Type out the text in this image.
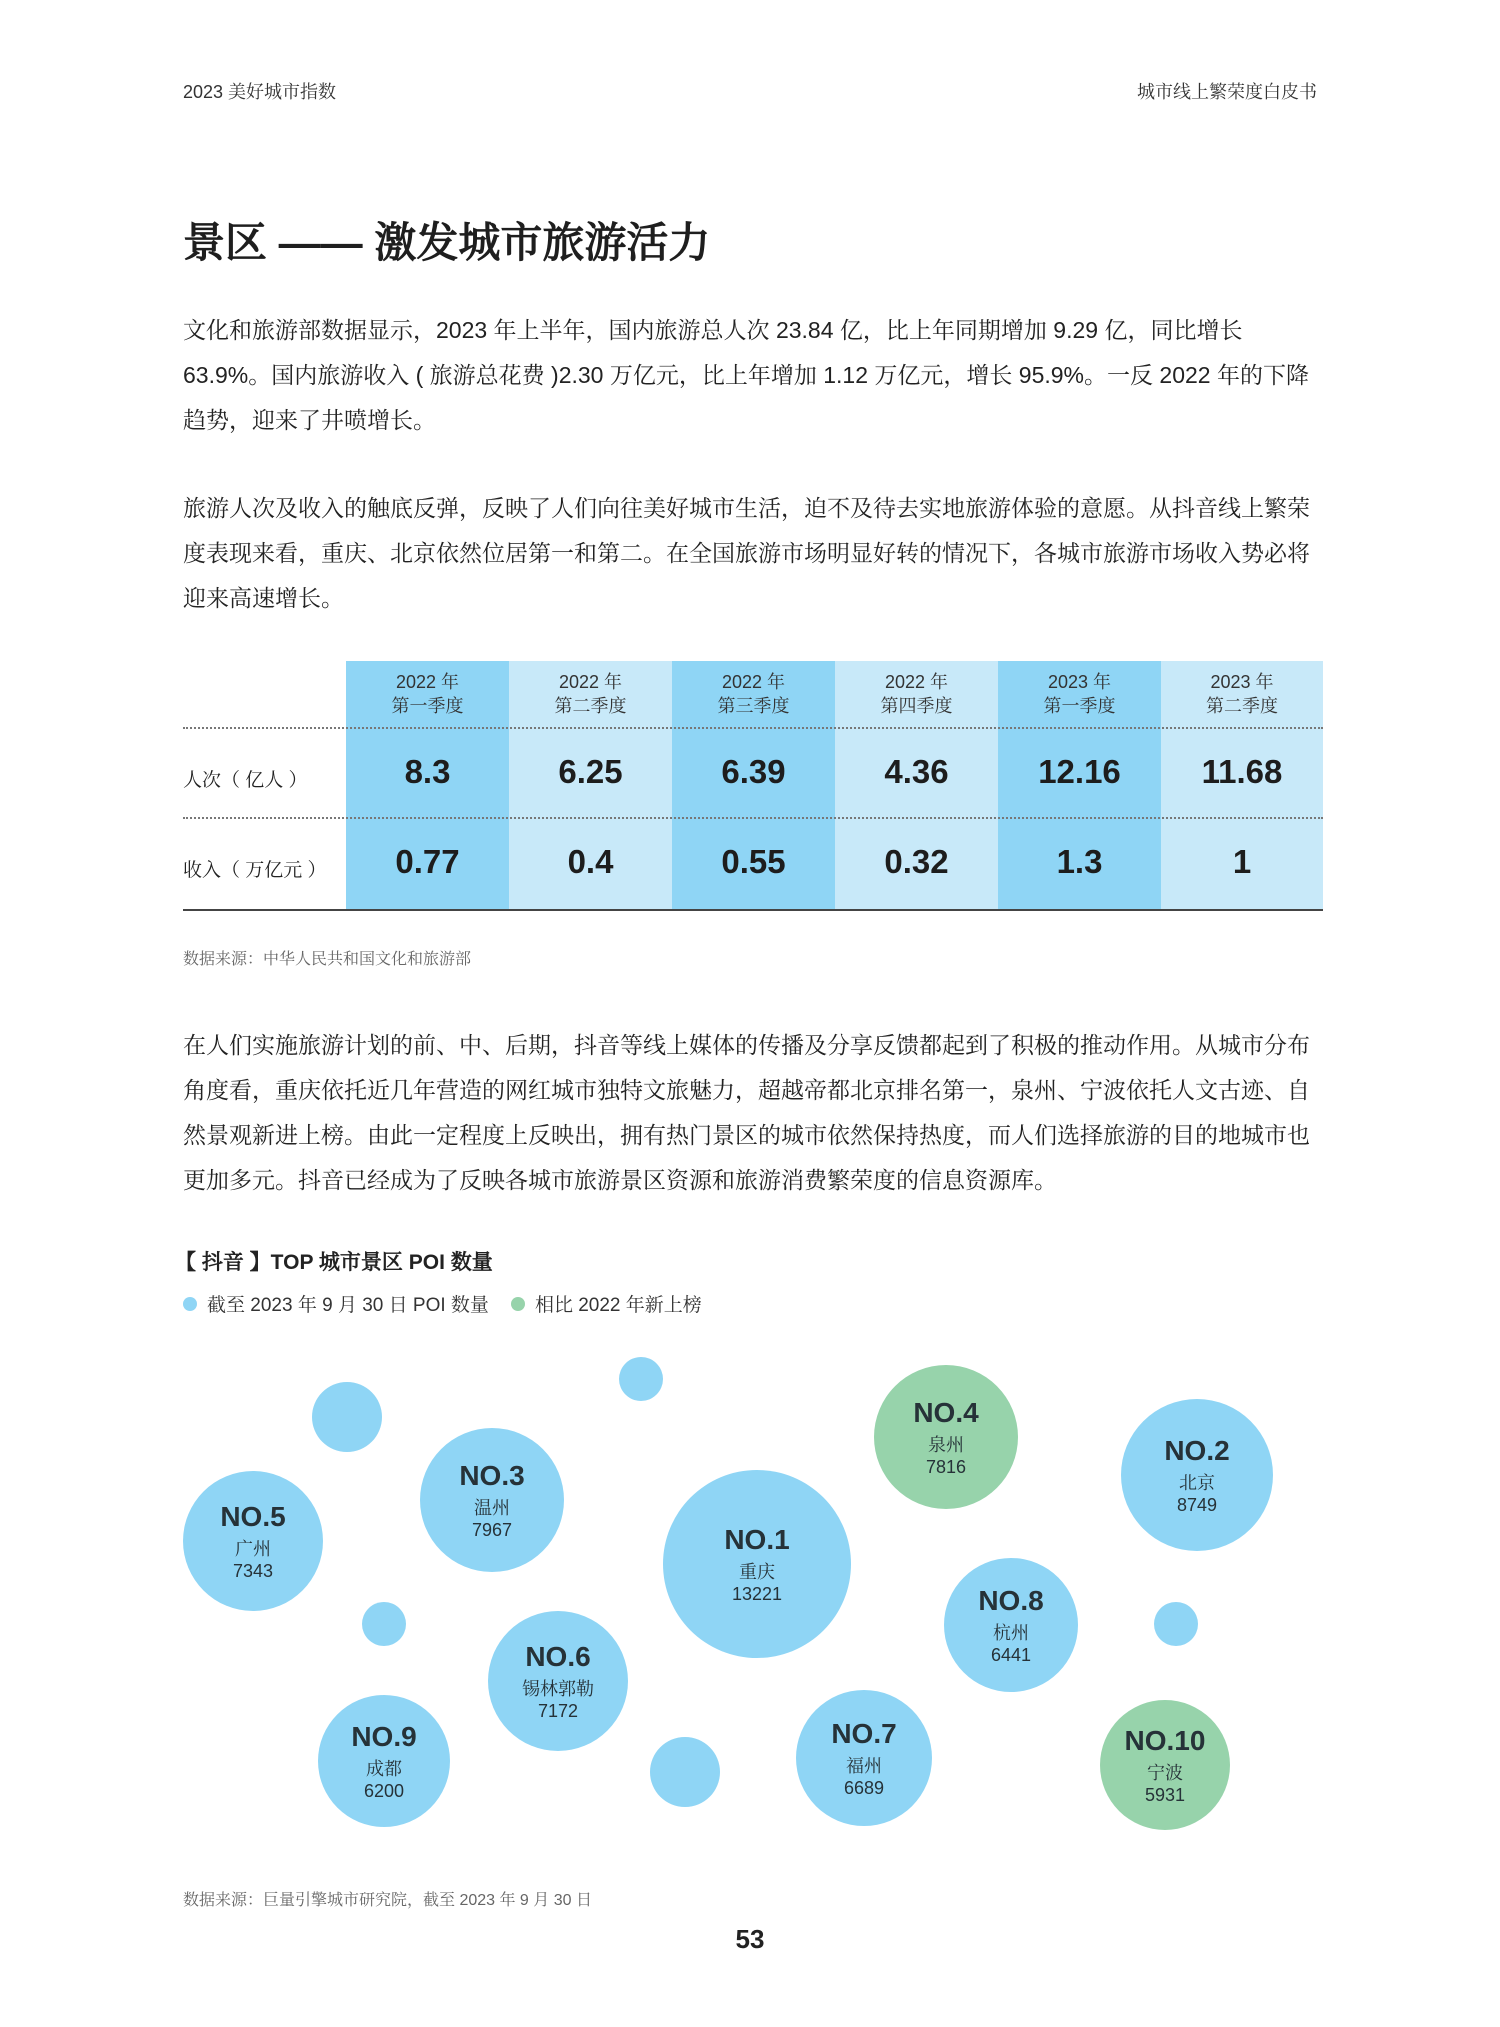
2023 美好城市指数	城市线上繁荣度白皮书
景区 —— 激发城市旅游活力

文化和旅游部数据显示，2023 年上半年，国内旅游总人次 23.84 亿，比上年同期增加 9.29 亿，同比增长 63.9%。国内旅游收入 ( 旅游总花费 )2.30 万亿元，比上年增加 1.12 万亿元，增长 95.9%。一反 2022 年的下降趋势，迎来了井喷增长。

旅游人次及收入的触底反弹，反映了人们向往美好城市生活，迫不及待去实地旅游体验的意愿。从抖音线上繁荣度表现来看，重庆、北京依然位居第一和第二。在全国旅游市场明显好转的情况下，各城市旅游市场收入势必将迎来高速增长。

2022 年
第一季度
8.3
0.77
2022 年
第二季度
6.25
0.4
2022 年
第三季度
6.39
0.55
2022 年
第四季度
4.36
0.32
2023 年
第一季度
12.16
1.3
2023 年
第二季度
11.68
1
人次（ 亿人 ）
收入（ 万亿元 ）
数据来源：中华人民共和国文化和旅游部

在人们实施旅游计划的前、中、后期，抖音等线上媒体的传播及分享反馈都起到了积极的推动作用。从城市分布角度看，重庆依托近几年营造的网红城市独特文旅魅力，超越帝都北京排名第一，泉州、宁波依托人文古迹、自然景观新进上榜。由此一定程度上反映出，拥有热门景区的城市依然保持热度，而人们选择旅游的目的地城市也更加多元。抖音已经成为了反映各城市旅游景区资源和旅游消费繁荣度的信息资源库。

【 抖音 】TOP 城市景区 POI 数量
截至 2023 年 9 月 30 日 POI 数量 相比 2022 年新上榜
NO.1
重庆
13221
NO.2
北京
8749
NO.3
温州
7967
NO.4
泉州
7816
NO.5
广州
7343
NO.6
锡林郭勒
7172
NO.7
福州
6689
NO.8
杭州
6441
NO.9
成都
6200
NO.10
宁波
5931
数据来源：巨量引擎城市研究院，截至 2023 年 9 月 30 日
53
